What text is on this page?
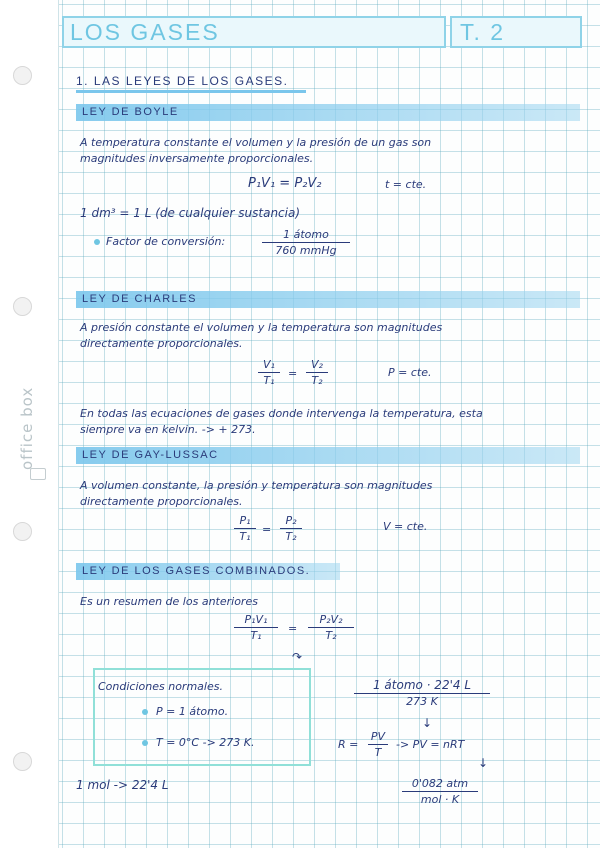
office box
LOS GASES	T. 2
1. LAS LEYES DE LOS GASES.
LEY DE BOYLE
A temperatura constante el volumen y la presión de un gas son
magnitudes inversamente proporcionales.
P₁V₁ = P₂V₂	t = cte.
1 dm³ = 1 L (de cualquier sustancia)
Factor de conversión:
1 átomo
760 mmHg
LEY DE CHARLES
A presión constante el volumen y la temperatura son magnitudes
directamente proporcionales.
V₁
T₁
=
V₂
T₂
P = cte.
En todas las ecuaciones de gases donde intervenga la temperatura, esta
siempre va en kelvin. -> + 273.
LEY DE GAY-LUSSAC
A volumen constante, la presión y temperatura son magnitudes
directamente proporcionales.
P₁
T₁
=
P₂
T₂
V = cte.
LEY DE LOS GASES COMBINADOS.
Es un resumen de los anteriores
P₁V₁
T₁
=
P₂V₂
T₂
↷
Condiciones normales.
P = 1 átomo.
T = 0°C -> 273 K.
1 átomo · 22'4 L
273 K
↓
R =
PV
T
-> PV = nRT
↓
0'082 atm
mol · K
1 mol -> 22'4 L
